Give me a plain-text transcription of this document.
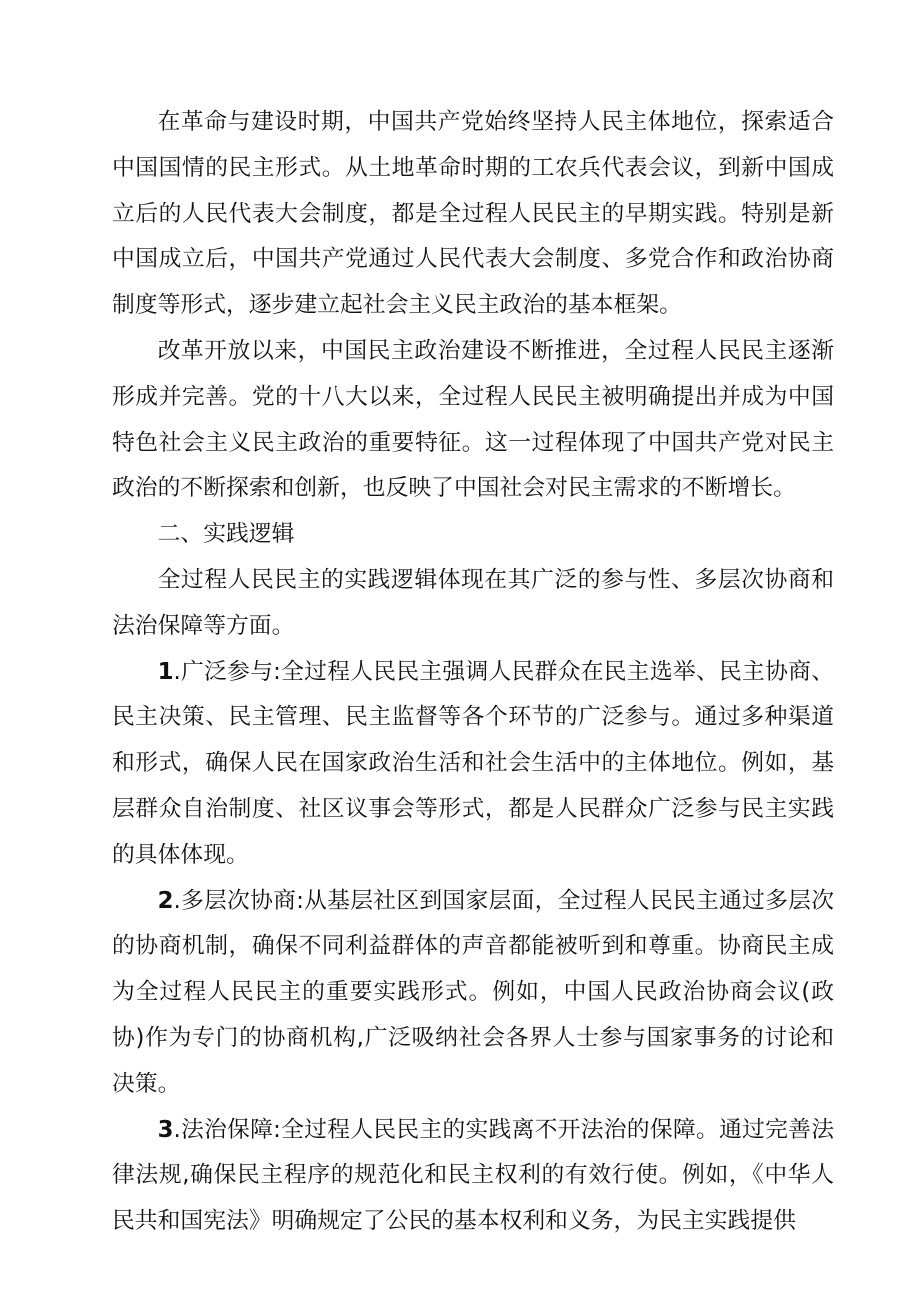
在革命与建设时期，中国共产党始终坚持人民主体地位，探索适合中国国情的民主形式。从土地革命时期的工农兵代表会议，到新中国成立后的人民代表大会制度，都是全过程人民民主的早期实践。特别是新中国成立后，中国共产党通过人民代表大会制度、多党合作和政治协商制度等形式，逐步建立起社会主义民主政治的基本框架。

改革开放以来，中国民主政治建设不断推进，全过程人民民主逐渐形成并完善。党的十八大以来，全过程人民民主被明确提出并成为中国特色社会主义民主政治的重要特征。这一过程体现了中国共产党对民主政治的不断探索和创新，也反映了中国社会对民主需求的不断增长。

二、实践逻辑

全过程人民民主的实践逻辑体现在其广泛的参与性、多层次协商和法治保障等方面。

1.广泛参与:全过程人民民主强调人民群众在民主选举、民主协商、民主决策、民主管理、民主监督等各个环节的广泛参与。通过多种渠道和形式，确保人民在国家政治生活和社会生活中的主体地位。例如，基层群众自治制度、社区议事会等形式，都是人民群众广泛参与民主实践的具体体现。

2.多层次协商:从基层社区到国家层面，全过程人民民主通过多层次的协商机制，确保不同利益群体的声音都能被听到和尊重。协商民主成为全过程人民民主的重要实践形式。例如，中国人民政治协商会议(政协)作为专门的协商机构,广泛吸纳社会各界人士参与国家事务的讨论和决策。

3.法治保障:全过程人民民主的实践离不开法治的保障。通过完善法律法规,确保民主程序的规范化和民主权利的有效行使。例如，《中华人民共和国宪法》明确规定了公民的基本权利和义务，为民主实践提供
